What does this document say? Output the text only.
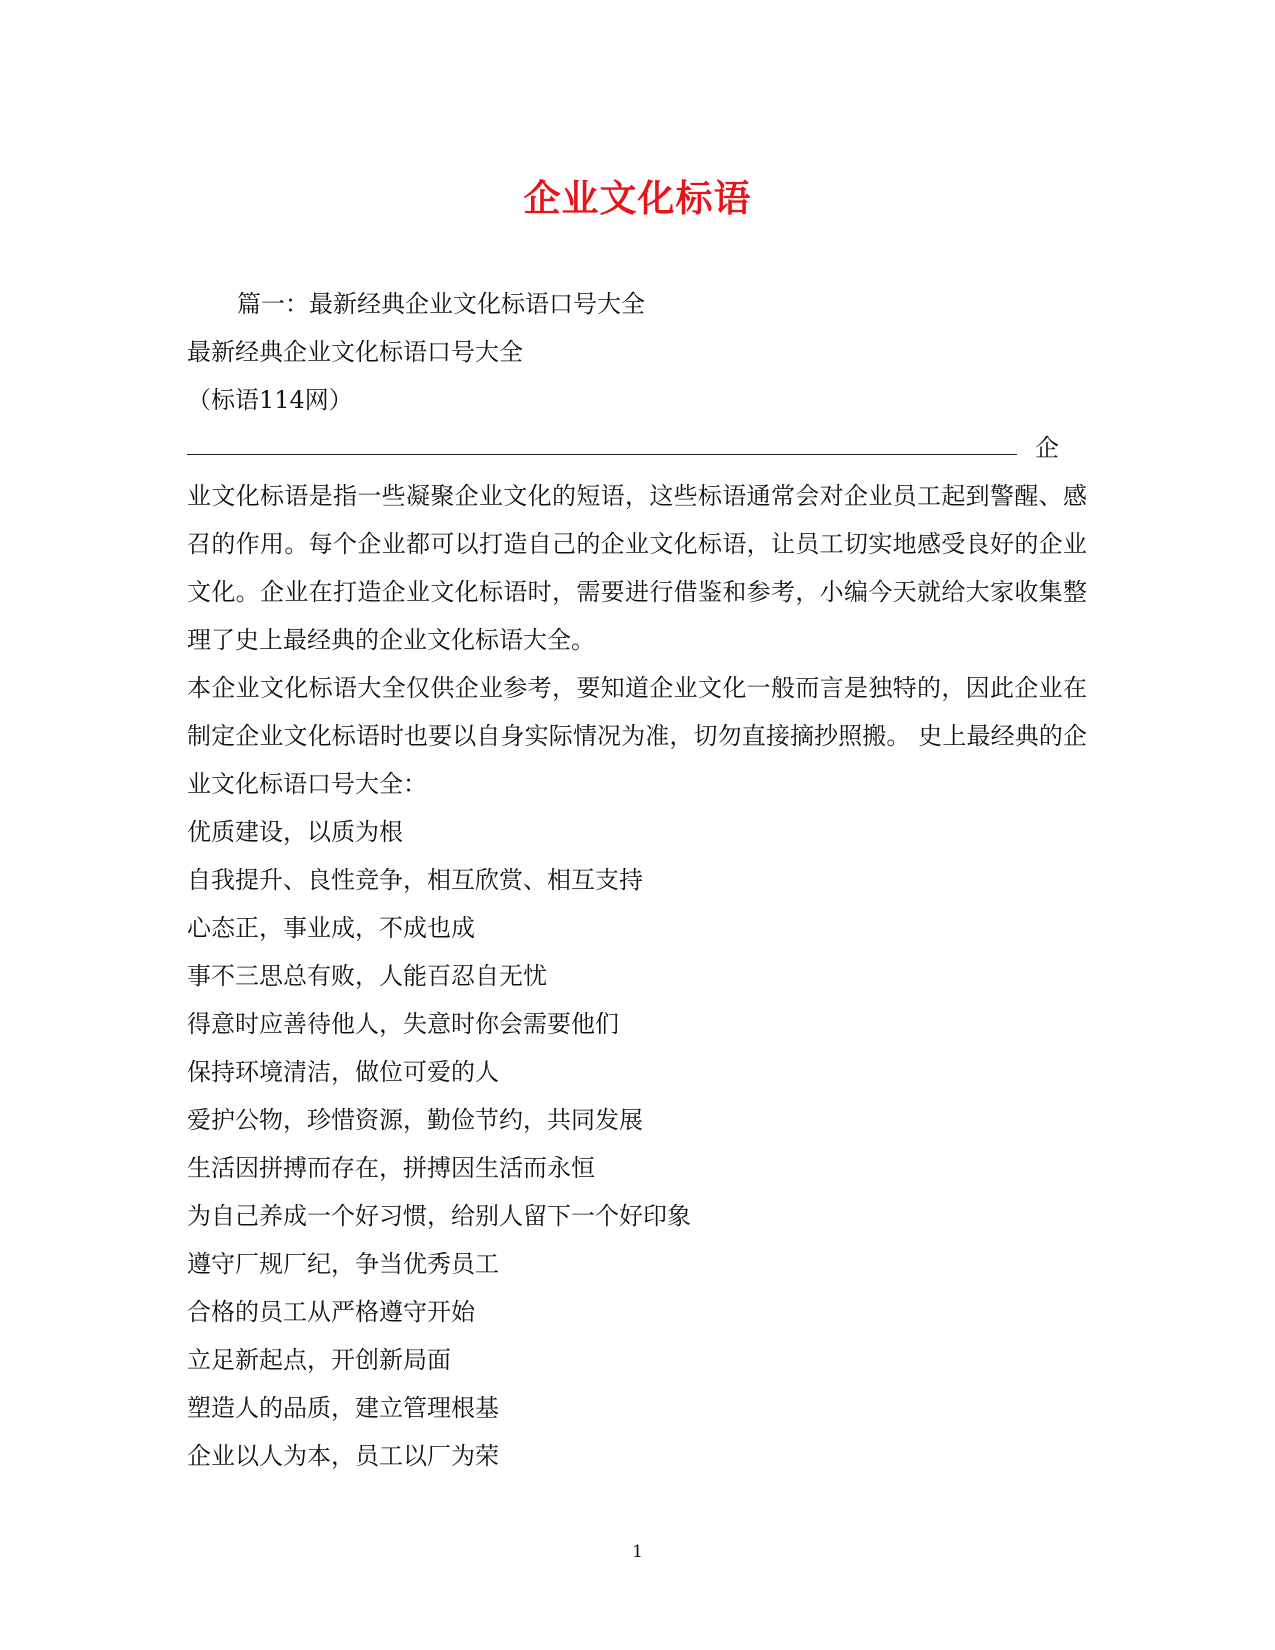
企业文化标语
篇一：最新经典企业文化标语口号大全
最新经典企业文化标语口号大全
（标语114网）
企
业文化标语是指一些凝聚企业文化的短语，这些标语通常会对企业员工起到警醒、感召的作用。每个企业都可以打造自己的企业文化标语，让员工切实地感受良好的企业文化。企业在打造企业文化标语时，需要进行借鉴和参考，小编今天就给大家收集整理了史上最经典的企业文化标语大全。
本企业文化标语大全仅供企业参考，要知道企业文化一般而言是独特的，因此企业在制定企业文化标语时也要以自身实际情况为准，切勿直接摘抄照搬。 史上最经典的企业文化标语口号大全：
优质建设，以质为根
自我提升、良性竞争，相互欣赏、相互支持
心态正，事业成，不成也成
事不三思总有败，人能百忍自无忧
得意时应善待他人，失意时你会需要他们
保持环境清洁，做位可爱的人
爱护公物，珍惜资源，勤俭节约，共同发展
生活因拼搏而存在，拼搏因生活而永恒
为自己养成一个好习惯，给别人留下一个好印象
遵守厂规厂纪，争当优秀员工
合格的员工从严格遵守开始
立足新起点，开创新局面
塑造人的品质，建立管理根基
企业以人为本，员工以厂为荣
1
